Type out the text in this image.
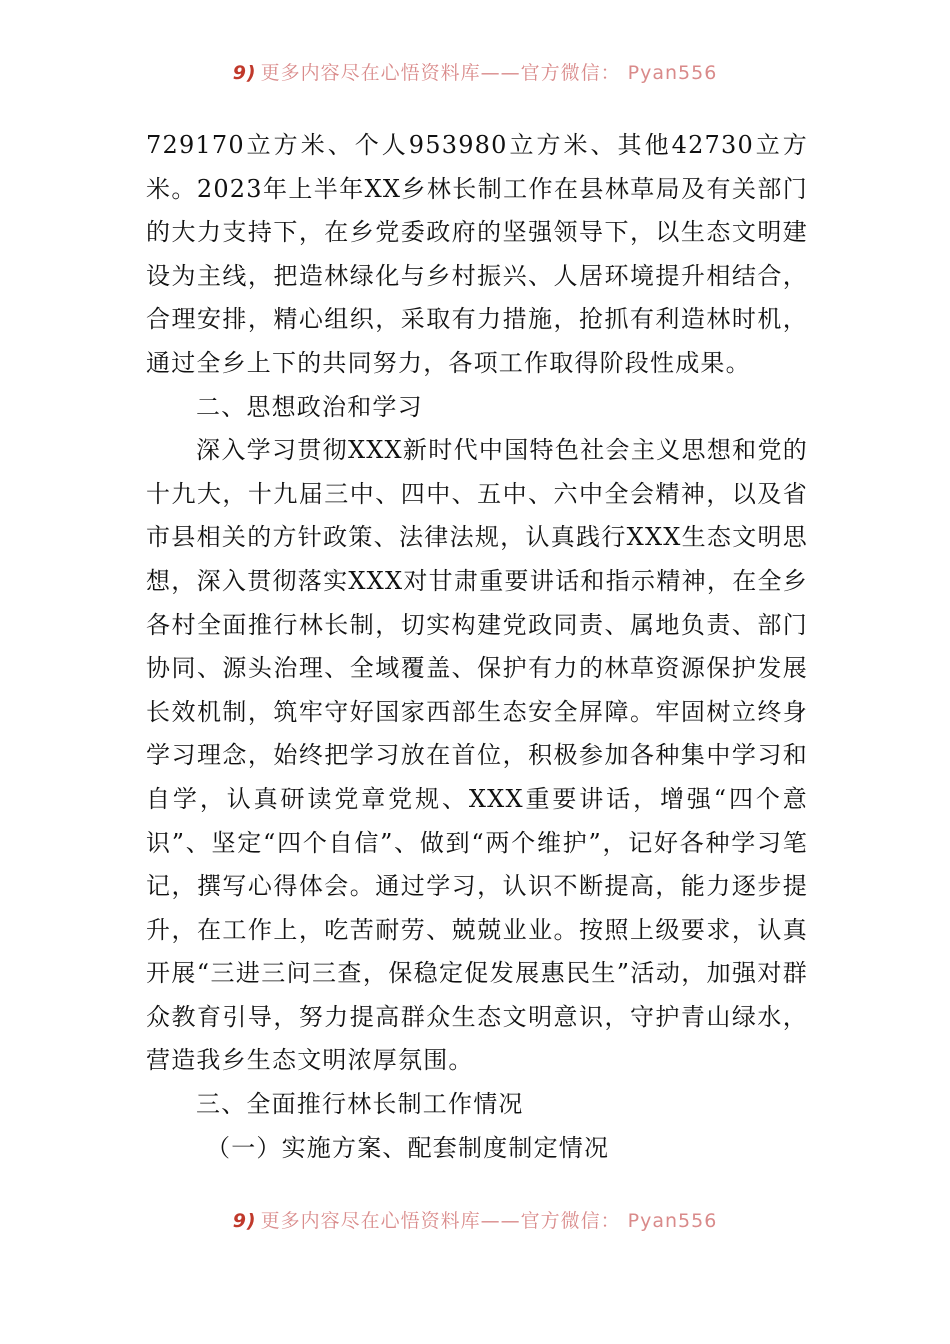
9) 更多内容尽在心悟资料库——官方微信： Pyan556

729170立方米、个人953980立方米、其他42730立方米。2023年上半年XX乡林长制工作在县林草局及有关部门的大力支持下，在乡党委政府的坚强领导下，以生态文明建设为主线，把造林绿化与乡村振兴、人居环境提升相结合，合理安排，精心组织，采取有力措施，抢抓有利造林时机，通过全乡上下的共同努力，各项工作取得阶段性成果。

二、思想政治和学习

深入学习贯彻XXX新时代中国特色社会主义思想和党的十九大，十九届三中、四中、五中、六中全会精神，以及省市县相关的方针政策、法律法规，认真践行XXX生态文明思想，深入贯彻落实XXX对甘肃重要讲话和指示精神，在全乡各村全面推行林长制，切实构建党政同责、属地负责、部门协同、源头治理、全域覆盖、保护有力的林草资源保护发展长效机制，筑牢守好国家西部生态安全屏障。牢固树立终身学习理念，始终把学习放在首位，积极参加各种集中学习和自学，认真研读党章党规、XXX重要讲话，增强“四个意识”、坚定“四个自信”、做到“两个维护”，记好各种学习笔记，撰写心得体会。通过学习，认识不断提高，能力逐步提升，在工作上，吃苦耐劳、兢兢业业。按照上级要求，认真开展“三进三问三查，保稳定促发展惠民生”活动，加强对群众教育引导，努力提高群众生态文明意识，守护青山绿水，营造我乡生态文明浓厚氛围。

三、全面推行林长制工作情况

（一）实施方案、配套制度制定情况

9) 更多内容尽在心悟资料库——官方微信： Pyan556
